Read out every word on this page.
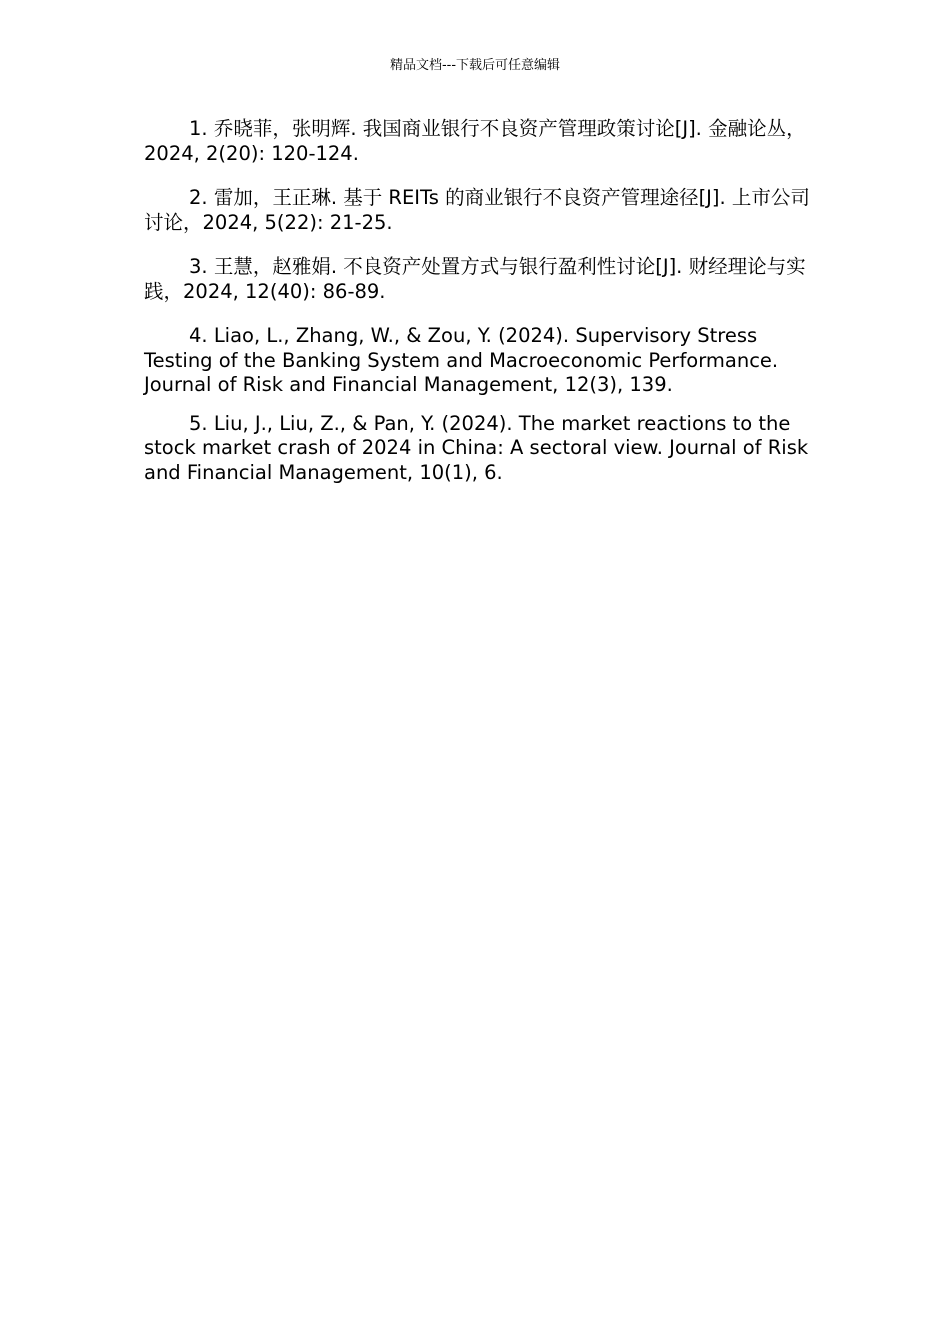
精品文档---下载后可任意编辑

1. 乔晓菲，张明辉. 我国商业银行不良资产管理政策讨论[J]. 金融论丛，2024, 2(20): 120-124.

2. 雷加，王正琳. 基于 REITs 的商业银行不良资产管理途径[J]. 上市公司讨论，2024, 5(22): 21-25.

3. 王慧，赵雅娟. 不良资产处置方式与银行盈利性讨论[J]. 财经理论与实践，2024, 12(40): 86-89.

4. Liao, L., Zhang, W., & Zou, Y. (2024). Supervisory Stress Testing of the Banking System and Macroeconomic Performance. Journal of Risk and Financial Management, 12(3), 139.

5. Liu, J., Liu, Z., & Pan, Y. (2024). The market reactions to the stock market crash of 2024 in China: A sectoral view. Journal of Risk and Financial Management, 10(1), 6.
